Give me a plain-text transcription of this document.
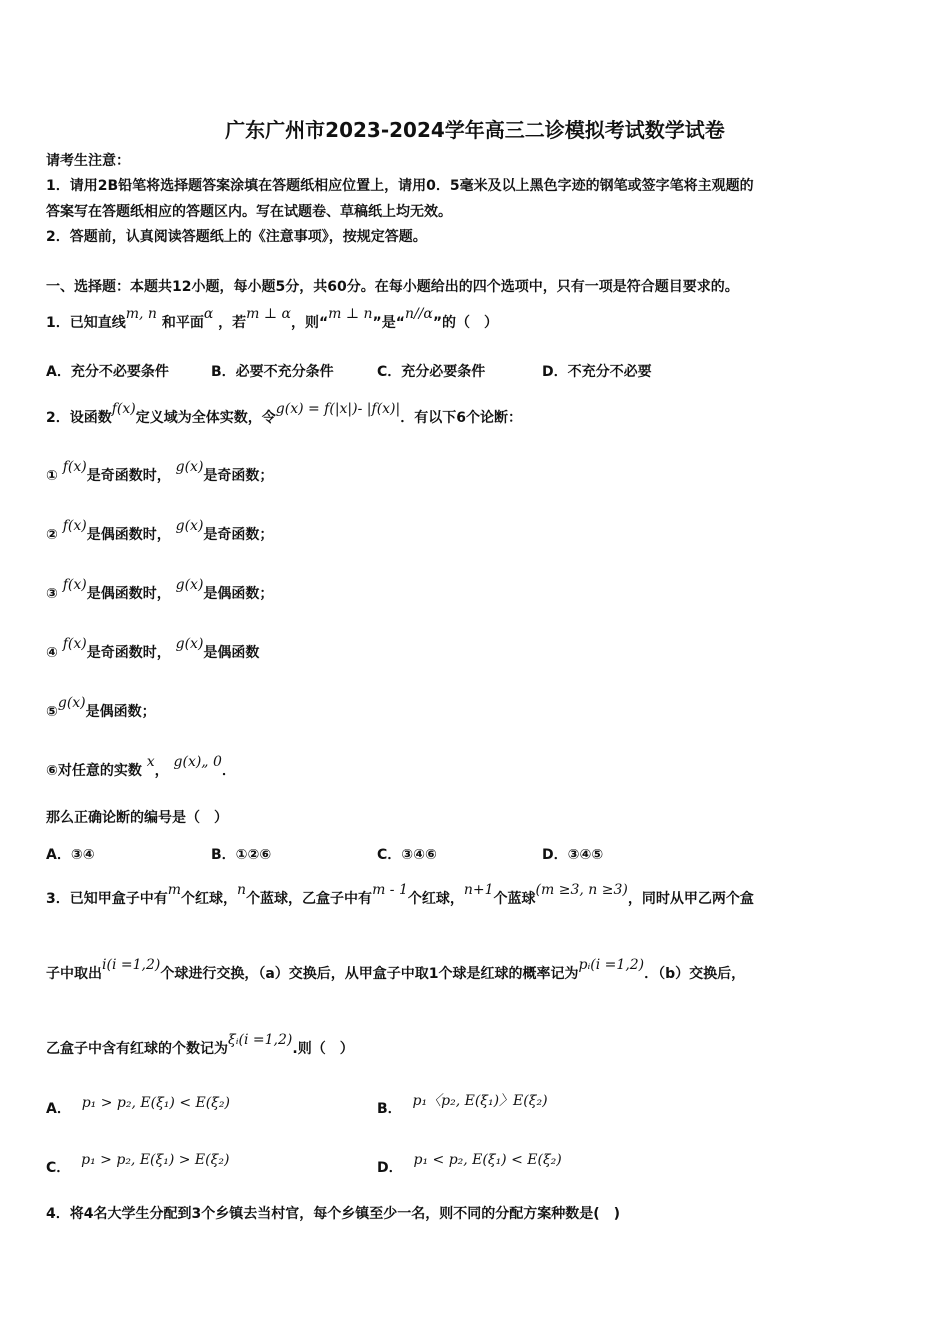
广东广州市2023-2024学年高三二诊模拟考试数学试卷
请考生注意：
1．请用2B铅笔将选择题答案涂填在答题纸相应位置上，请用0．5毫米及以上黑色字迹的钢笔或签字笔将主观题的
答案写在答题纸相应的答题区内。写在试题卷、草稿纸上均无效。
2．答题前，认真阅读答题纸上的《注意事项》，按规定答题。
一、选择题：本题共12小题，每小题5分，共60分。在每小题给出的四个选项中，只有一项是符合题目要求的。
1．已知直线m, n 和平面α ，若m ⊥ α，则“m ⊥ n”是“n//α”的（　）
A．充分不必要条件	B．必要不充分条件	C．充分必要条件	D．不充分不必要
2．设函数f(x)定义域为全体实数，令g(x) = f(|x|)- |f(x)|．有以下6个论断：
① f(x)是奇函数时， g(x)是奇函数；
② f(x)是偶函数时， g(x)是奇函数；
③ f(x)是偶函数时， g(x)是偶函数；
④ f(x)是奇函数时， g(x)是偶函数
⑤g(x)是偶函数；
⑥对任意的实数 x， g(x)„ 0．
那么正确论断的编号是（　）
A．③④	B．①②⑥	C．③④⑥	D．③④⑤
3．已知甲盒子中有m个红球，n个蓝球，乙盒子中有m - 1个红球，n+1个蓝球(m ≥3, n ≥3)，同时从甲乙两个盒
子中取出i(i =1,2)个球进行交换，（a）交换后，从甲盒子中取1个球是红球的概率记为pᵢ(i =1,2)．（b）交换后，
乙盒子中含有红球的个数记为ξᵢ(i =1,2).则（　）
A． p₁ > p₂, E(ξ₁) < E(ξ₂)	B． p₁〈p₂, E(ξ₁)〉E(ξ₂)
C． p₁ > p₂, E(ξ₁) > E(ξ₂)	D． p₁ < p₂, E(ξ₁) < E(ξ₂)
4．将4名大学生分配到3个乡镇去当村官，每个乡镇至少一名，则不同的分配方案种数是(　)
